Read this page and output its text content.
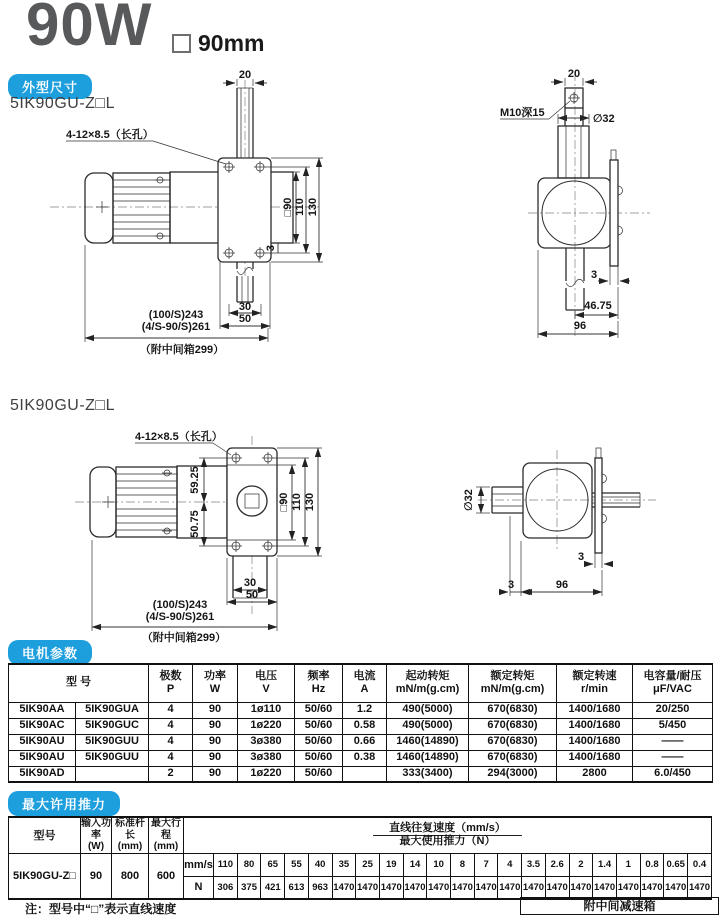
90W 90mm
20
4-12×8.5（长孔）
□90 110 130
3
30
50
(100/S)243
(4/S-90/S)261
（附中间箱299）
20
M10深15	∅32
3
46.75
96
4-12×8.5（长孔）
59.25
50.75
□90 110 130
30
50
(100/S)243
(4/S-90/S)261
（附中间箱299）
∅32
3
3	96
外型尺寸
5IK90GU-Z□L
5IK90GU-Z□L
电机参数
型 号

极数
P

功率
W

电压
V

频率
Hz

电流
A

起动转矩
mN/m(g.cm)

额定转矩
mN/m(g.cm)

额定转速
r/min

电容量/耐压
μF/VAC

5IK90AA	5IK90GUA	4	90	1ø110	50/60	1.2	490(5000)	670(6830)	1400/1680	20/250
5IK90AC	5IK90GUC	4	90	1ø220	50/60	0.58	490(5000)	670(6830)	1400/1680	5/450
5IK90AU	5IK90GUU	4	90	3ø380	50/60	0.66	1460(14890)	670(6830)	1400/1680	——
5IK90AU	5IK90GUU	4	90	3ø380	50/60	0.38	1460(14890)	670(6830)	1400/1680	——
5IK90AD		2	90	1ø220	50/60		333(3400)	294(3000)	2800	6.0/450
最大许用推力
型号

输入功率
(W)

标准杆长
(mm)

最大行程
(mm)

直线往复速度（mm/s）
最大使用推力（N）

5IK90GU-Z□	90	800	600	mm/s	110	80	65	55	40	35	25	19	14	10	8	7	4	3.5	2.6	2	1.4	1	0.8	0.65	0.4
				N	306	375	421	613	963	1470	1470	1470	1470	1470	1470	1470	1470	1470	1470	1470	1470	1470	1470	1470	1470
附中间减速箱
注：型号中“□”表示直线速度
